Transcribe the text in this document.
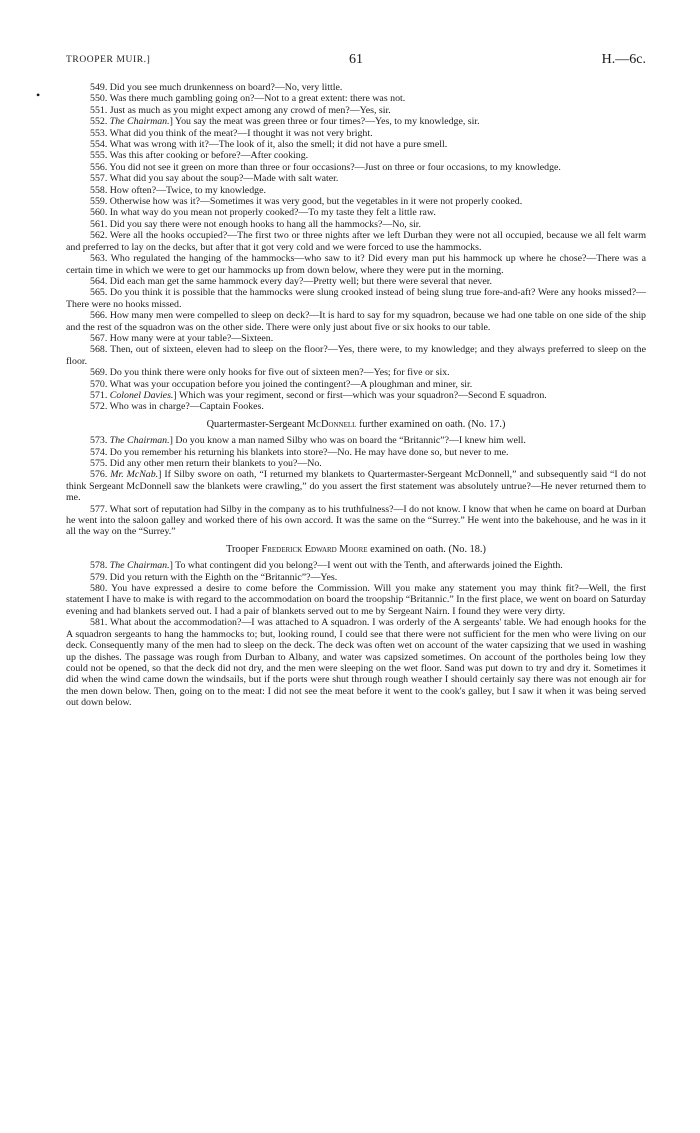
TROOPER MUIR.]	61	H.—6c.
•

549. Did you see much drunkenness on board?—No, very little.

550. Was there much gambling going on?—Not to a great extent: there was not.

551. Just as much as you might expect among any crowd of men?—Yes, sir.

552. The Chairman.] You say the meat was green three or four times?—Yes, to my knowledge, sir.

553. What did you think of the meat?—I thought it was not very bright.

554. What was wrong with it?—The look of it, also the smell; it did not have a pure smell.

555. Was this after cooking or before?—After cooking.

556. You did not see it green on more than three or four occasions?—Just on three or four occasions, to my knowledge.

557. What did you say about the soup?—Made with salt water.

558. How often?—Twice, to my knowledge.

559. Otherwise how was it?—Sometimes it was very good, but the vegetables in it were not properly cooked.

560. In what way do you mean not properly cooked?—To my taste they felt a little raw.

561. Did you say there were not enough hooks to hang all the hammocks?—No, sir.

562. Were all the hooks occupied?—The first two or three nights after we left Durban they were not all occupied, because we all felt warm and preferred to lay on the decks, but after that it got very cold and we were forced to use the hammocks.

563. Who regulated the hanging of the hammocks—who saw to it? Did every man put his hammock up where he chose?—There was a certain time in which we were to get our hammocks up from down below, where they were put in the morning.

564. Did each man get the same hammock every day?—Pretty well; but there were several that never.

565. Do you think it is possible that the hammocks were slung crooked instead of being slung true fore-and-aft? Were any hooks missed?—There were no hooks missed.

566. How many men were compelled to sleep on deck?—It is hard to say for my squadron, because we had one table on one side of the ship and the rest of the squadron was on the other side. There were only just about five or six hooks to our table.

567. How many were at your table?—Sixteen.

568. Then, out of sixteen, eleven had to sleep on the floor?—Yes, there were, to my knowledge; and they always preferred to sleep on the floor.

569. Do you think there were only hooks for five out of sixteen men?—Yes; for five or six.

570. What was your occupation before you joined the contingent?—A ploughman and miner, sir.

571. Colonel Davies.] Which was your regiment, second or first—which was your squadron?—Second E squadron.

572. Who was in charge?—Captain Fookes.

Quartermaster-Sergeant McDonnell further examined on oath. (No. 17.)

573. The Chairman.] Do you know a man named Silby who was on board the “Britannic”?—I knew him well.

574. Do you remember his returning his blankets into store?—No. He may have done so, but never to me.

575. Did any other men return their blankets to you?—No.

576. Mr. McNab.] If Silby swore on oath, “I returned my blankets to Quartermaster-Sergeant McDonnell,” and subsequently said “I do not think Sergeant McDonnell saw the blankets were crawling,” do you assert the first statement was absolutely untrue?—He never returned them to me.

577. What sort of reputation had Silby in the company as to his truthfulness?—I do not know. I know that when he came on board at Durban he went into the saloon galley and worked there of his own accord. It was the same on the “Surrey.” He went into the bakehouse, and he was in it all the way on the “Surrey.”

Trooper Frederick Edward Moore examined on oath. (No. 18.)

578. The Chairman.] To what contingent did you belong?—I went out with the Tenth, and afterwards joined the Eighth.

579. Did you return with the Eighth on the “Britannic”?—Yes.

580. You have expressed a desire to come before the Commission. Will you make any statement you may think fit?—Well, the first statement I have to make is with regard to the accommodation on board the troopship “Britannic.” In the first place, we went on board on Saturday evening and had blankets served out. I had a pair of blankets served out to me by Sergeant Nairn. I found they were very dirty.

581. What about the accommodation?—I was attached to A squadron. I was orderly of the A sergeants' table. We had enough hooks for the A squadron sergeants to hang the hammocks to; but, looking round, I could see that there were not sufficient for the men who were living on our deck. Consequently many of the men had to sleep on the deck. The deck was often wet on account of the water capsizing that we used in washing up the dishes. The passage was rough from Durban to Albany, and water was capsized sometimes. On account of the portholes being low they could not be opened, so that the deck did not dry, and the men were sleeping on the wet floor. Sand was put down to try and dry it. Sometimes it did when the wind came down the windsails, but if the ports were shut through rough weather I should certainly say there was not enough air for the men down below. Then, going on to the meat: I did not see the meat before it went to the cook's galley, but I saw it when it was being served out down below.
